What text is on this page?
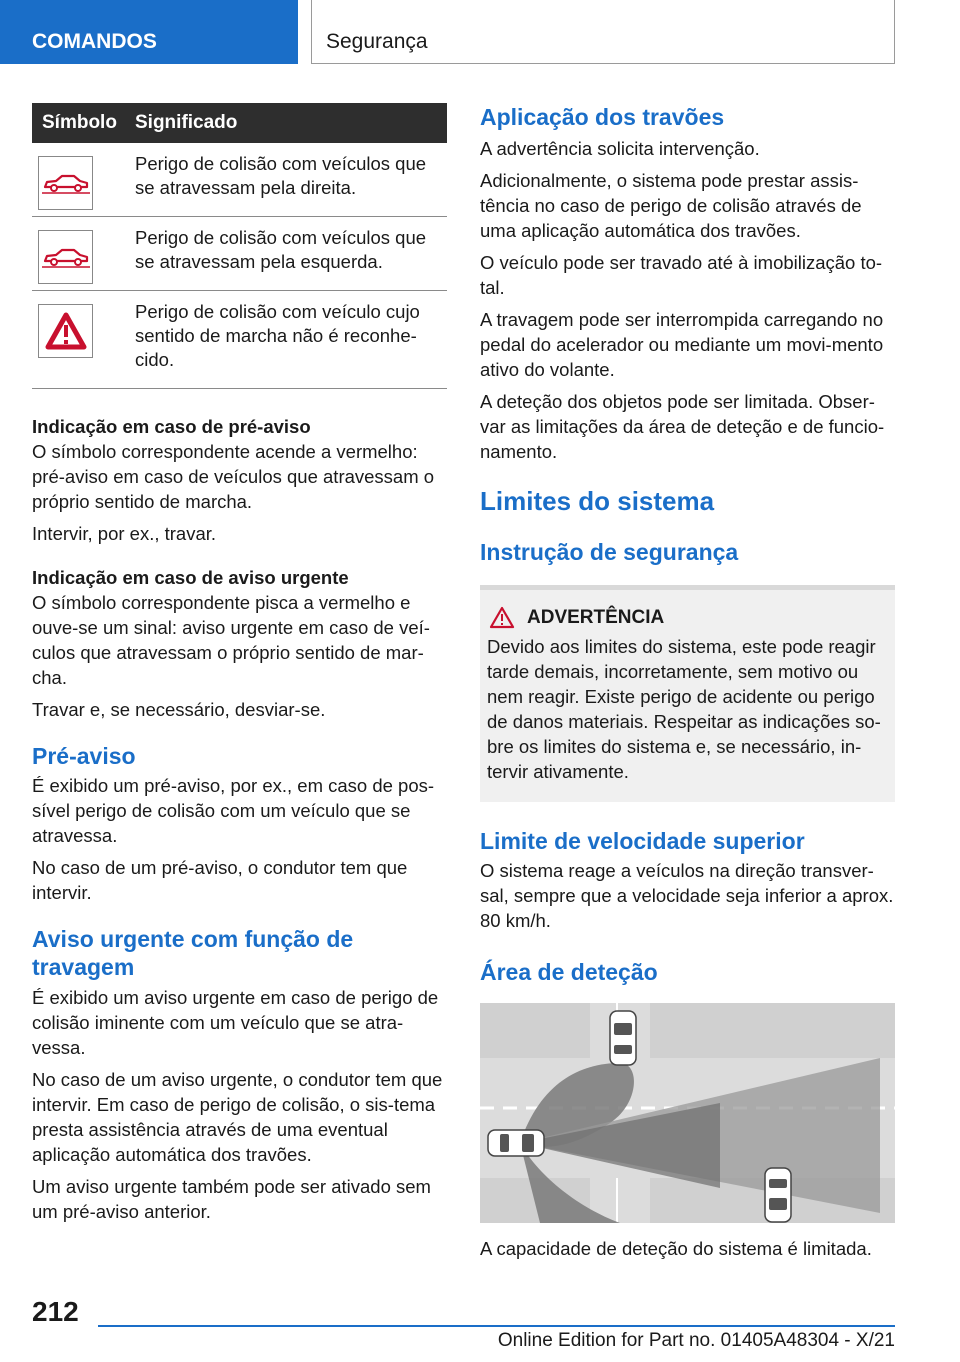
COMANDOS	Segurança
Símbolo	Significado

	Perigo de colisão com veículos que se atravessam pela direita.

	Perigo de colisão com veículos que se atravessam pela esquerda.

	Perigo de colisão com veículo cujo sentido de marcha não é reconhe-cido.

Indicação em caso de pré-aviso

O símbolo correspondente acende a vermelho: pré-aviso em caso de veículos que atravessam o próprio sentido de marcha.

Intervir, por ex., travar.

Indicação em caso de aviso urgente

O símbolo correspondente pisca a vermelho e ouve-se um sinal: aviso urgente em caso de veí-culos que atravessam o próprio sentido de mar-cha.

Travar e, se necessário, desviar-se.

Pré-aviso

É exibido um pré-aviso, por ex., em caso de pos-sível perigo de colisão com um veículo que se atravessa.

No caso de um pré-aviso, o condutor tem que intervir.

Aviso urgente com função de travagem

É exibido um aviso urgente em caso de perigo de colisão iminente com um veículo que se atra-vessa.

No caso de um aviso urgente, o condutor tem que intervir. Em caso de perigo de colisão, o sis-tema presta assistência através de uma eventual aplicação automática dos travões.

Um aviso urgente também pode ser ativado sem um pré-aviso anterior.

Aplicação dos travões

A advertência solicita intervenção.

Adicionalmente, o sistema pode prestar assis-tência no caso de perigo de colisão através de uma aplicação automática dos travões.

O veículo pode ser travado até à imobilização to-tal.

A travagem pode ser interrompida carregando no pedal do acelerador ou mediante um movi-mento ativo do volante.

A deteção dos objetos pode ser limitada. Obser-var as limitações da área de deteção e de funcio-namento.

Limites do sistema
Instrução de segurança
ADVERTÊNCIA

Devido aos limites do sistema, este pode reagir tarde demais, incorretamente, sem motivo ou nem reagir. Existe perigo de acidente ou perigo de danos materiais. Respeitar as indicações so-bre os limites do sistema e, se necessário, in-tervir ativamente.

Limite de velocidade superior

O sistema reage a veículos na direção transver-sal, sempre que a velocidade seja inferior a aprox. 80 km/h.

Área de deteção

A capacidade de deteção do sistema é limitada.

212
Online Edition for Part no. 01405A48304 - X/21
